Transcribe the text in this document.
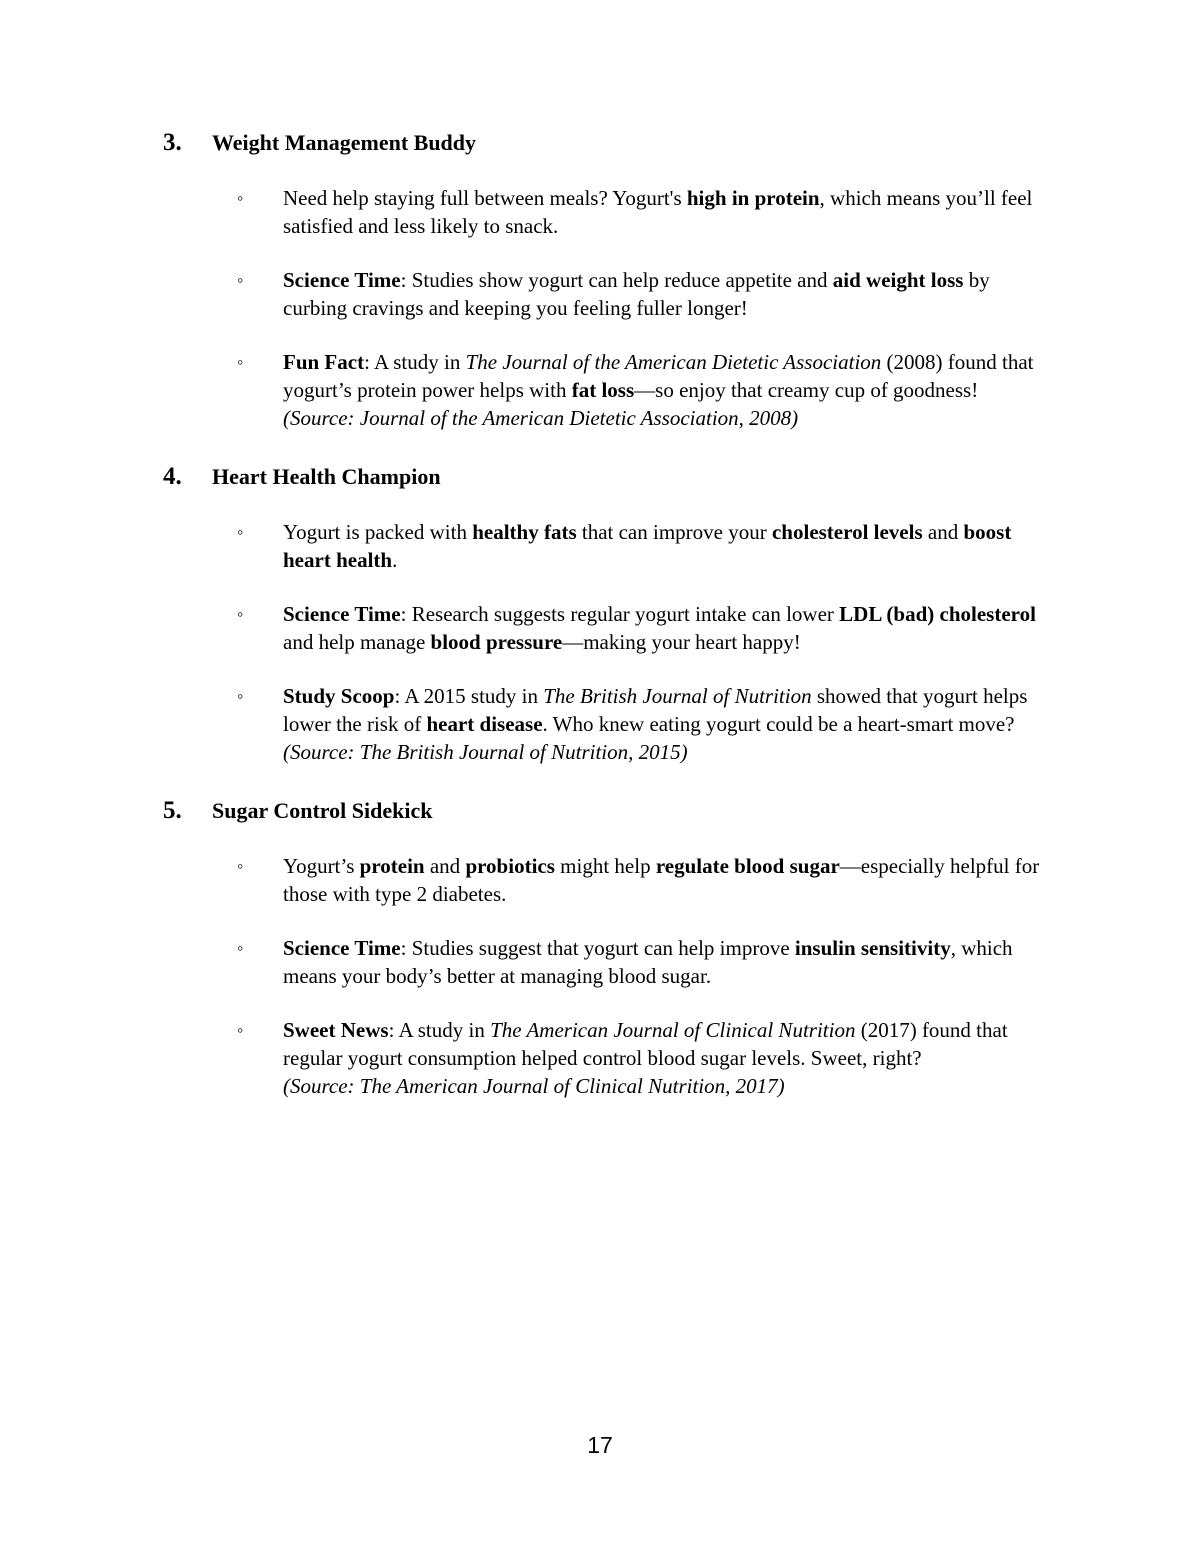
3.	Weight Management Buddy
◦	Need help staying full between meals? Yogurt's high in protein, which means you’ll feel satisfied and less likely to snack.

◦	Science Time: Studies show yogurt can help reduce appetite and aid weight loss by curbing cravings and keeping you feeling fuller longer!

◦	Fun Fact: A study in The Journal of the American Dietetic Association (2008) found that yogurt’s protein power helps with fat loss—so enjoy that creamy cup of goodness! (Source: Journal of the American Dietetic Association, 2008)

4.	Heart Health Champion
◦	Yogurt is packed with healthy fats that can improve your cholesterol levels and boost heart health.

◦	Science Time: Research suggests regular yogurt intake can lower LDL (bad) cholesterol and help manage blood pressure—making your heart happy!

◦	Study Scoop: A 2015 study in The British Journal of Nutrition showed that yogurt helps lower the risk of heart disease. Who knew eating yogurt could be a heart-smart move?
(Source: The British Journal of Nutrition, 2015)

5.	Sugar Control Sidekick
◦	Yogurt’s protein and probiotics might help regulate blood sugar—especially helpful for those with type 2 diabetes.

◦	Science Time: Studies suggest that yogurt can help improve insulin sensitivity, which means your body’s better at managing blood sugar.

◦	Sweet News: A study in The American Journal of Clinical Nutrition (2017) found that regular yogurt consumption helped control blood sugar levels. Sweet, right?
(Source: The American Journal of Clinical Nutrition, 2017)

17
